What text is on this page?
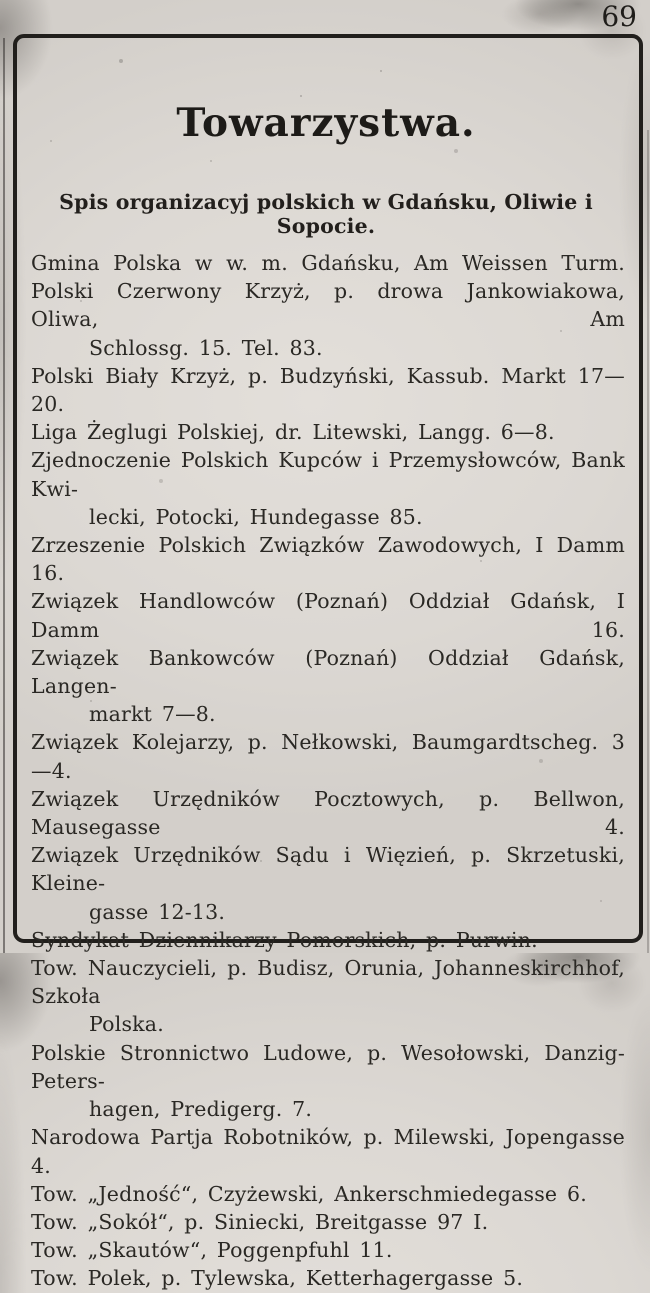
69
Towarzystwa.
Spis organizacyj polskich w Gdańsku, Oliwie i Sopocie.
Gmina Polska w w. m. Gdańsku, Am Weissen Turm.
Polski Czerwony Krzyż, p. drowa Jankowiakowa, Oliwa, Am
Schlossg. 15. Tel. 83.
Polski Biały Krzyż, p. Budzyński, Kassub. Markt 17—20.
Liga Żeglugi Polskiej, dr. Litewski, Langg. 6—8.
Zjednoczenie Polskich Kupców i Przemysłowców, Bank Kwi-
lecki, Potocki, Hundegasse 85.
Zrzeszenie Polskich Związków Zawodowych, I Damm 16.
Związek Handlowców (Poznań) Oddział Gdańsk, I Damm 16.
Związek Bankowców (Poznań) Oddział Gdańsk, Langen-
markt 7—8.
Związek Kolejarzy, p. Nełkowski, Baumgardtscheg. 3—4.
Związek Urzędników Pocztowych, p. Bellwon, Mausegasse 4.
Związek Urzędników Sądu i Więzień, p. Skrzetuski, Kleine-
gasse 12-13.
Syndykat Dziennikarzy Pomorskich, p. Purwin.
Tow. Nauczycieli, p. Budisz, Orunia, Johanneskirchhof, Szkoła
Polska.
Polskie Stronnictwo Ludowe, p. Wesołowski, Danzig-Peters-
hagen, Predigerg. 7.
Narodowa Partja Robotników, p. Milewski, Jopengasse 4.
Tow. „Jedność“, Czyżewski, Ankerschmiedegasse 6.
Tow. „Sokół“, p. Siniecki, Breitgasse 97 I.
Tow. „Skautów“, Poggenpfuhl 11.
Tow. Polek, p. Tylewska, Ketterhagergasse 5.
